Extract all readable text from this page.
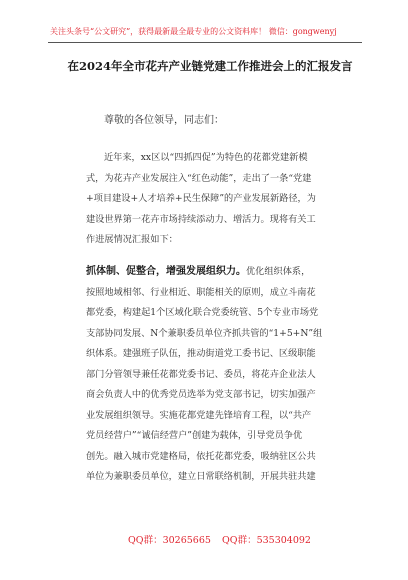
关注头条号“公文研究”，获得最新最全最专业的公文资料库！ 微信：gongwenyj
在2024年全市花卉产业链党建工作推进会上的汇报发言
尊敬的各位领导，同志们：
近年来，xx区以“四抓四促”为特色的花都党建新模
式，为花卉产业发展注入“红色动能”，走出了一条“党建
+项目建设+人才培养+民生保障”的产业发展新路径，为
建设世界第一花卉市场持续添动力、增活力。现将有关工
作进展情况汇报如下：
抓体制、促整合，增强发展组织力。优化组织体系，
按照地域相邻、行业相近、职能相关的原则，成立斗南花
都党委，构建起1个区域化联合党委统管、5个专业市场党
支部协同发展、N个兼职委员单位齐抓共管的“1+5+N”组
织体系。建强班子队伍，推动街道党工委书记、区级职能
部门分管领导兼任花都党委书记、委员，将花卉企业法人
商会负责人中的优秀党员选举为党支部书记，切实加强产
业发展组织领导。实施花都党建先锋培育工程，以“共产
党员经营户”“诚信经营户”创建为载体，引导党员争优
创先。融入城市党建格局，依托花都党委，吸纳驻区公共
单位为兼职委员单位，建立日常联络机制，开展共驻共建
QQ群：30265665 QQ群：535304092
